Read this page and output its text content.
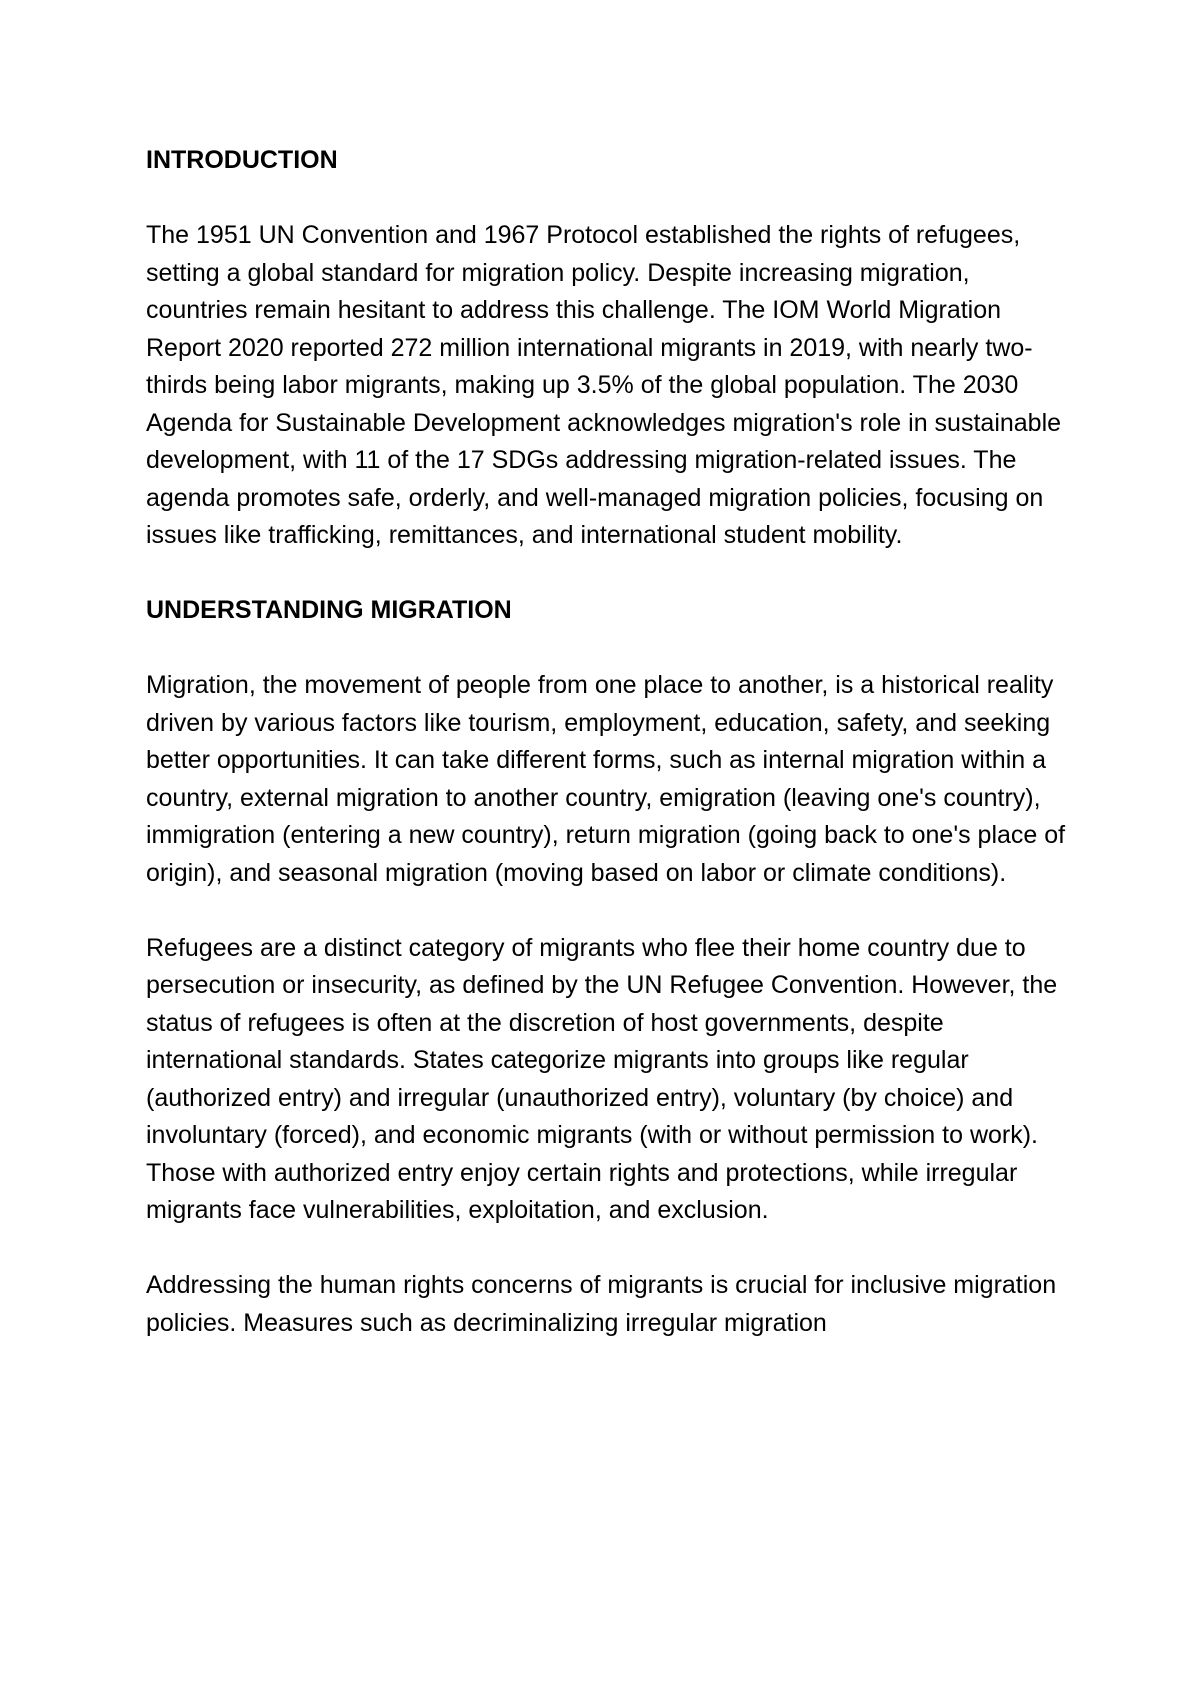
INTRODUCTION

The 1951 UN Convention and 1967 Protocol established the rights of refugees, setting a global standard for migration policy. Despite increasing migration, countries remain hesitant to address this challenge. The IOM World Migration Report 2020 reported 272 million international migrants in 2019, with nearly two-thirds being labor migrants, making up 3.5% of the global population. The 2030 Agenda for Sustainable Development acknowledges migration's role in sustainable development, with 11 of the 17 SDGs addressing migration-related issues. The agenda promotes safe, orderly, and well-managed migration policies, focusing on issues like trafficking, remittances, and international student mobility.

UNDERSTANDING MIGRATION

Migration, the movement of people from one place to another, is a historical reality driven by various factors like tourism, employment, education, safety, and seeking better opportunities. It can take different forms, such as internal migration within a country, external migration to another country, emigration (leaving one's country), immigration (entering a new country), return migration (going back to one's place of origin), and seasonal migration (moving based on labor or climate conditions).

Refugees are a distinct category of migrants who flee their home country due to persecution or insecurity, as defined by the UN Refugee Convention. However, the status of refugees is often at the discretion of host governments, despite international standards. States categorize migrants into groups like regular (authorized entry) and irregular (unauthorized entry), voluntary (by choice) and involuntary (forced), and economic migrants (with or without permission to work). Those with authorized entry enjoy certain rights and protections, while irregular migrants face vulnerabilities, exploitation, and exclusion.

Addressing the human rights concerns of migrants is crucial for inclusive migration policies. Measures such as decriminalizing irregular migration
